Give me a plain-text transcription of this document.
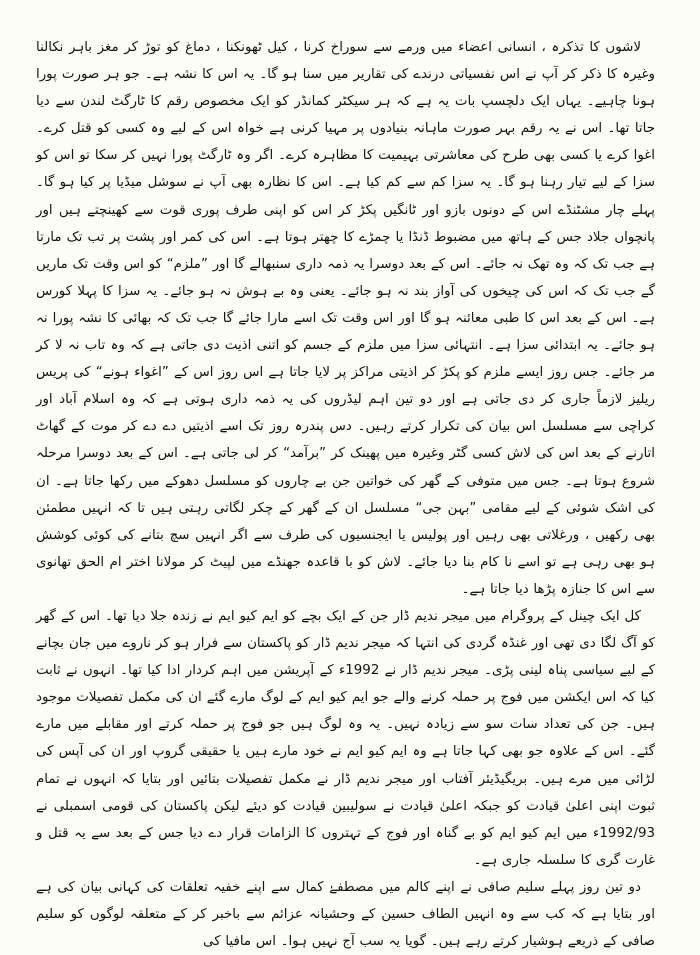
لاشوں کا تذکرہ ، انسانی اعضاء میں ورمے سے سوراخ کرنا ، کیل ٹھونکنا ، دماغ کو توڑ کر مغز باہر نکالنا وغیرہ کا ذکر کر آپ نے اس نفسیاتی درندے کی تقاریر میں سنا ہو گا۔ یہ اس کا نشہ ہے۔ جو ہر صورت پورا ہونا چاہیے۔ یہاں ایک دلچسپ بات یہ ہے کہ ہر سیکٹر کمانڈر کو ایک مخصوص رقم کا ٹارگٹ لندن سے دیا جاتا تھا۔ اس نے یہ رقم بہر صورت ماہانہ بنیادوں پر مہیا کرنی ہے خواہ اس کے لیے وہ کسی کو قتل کرے۔ اغوا کرے یا کسی بھی طرح کی معاشرتی بہیمیت کا مظاہرہ کرے۔ اگر وہ ٹارگٹ پورا نہیں کر سکا تو اس کو سزا کے لیے تیار رہنا ہو گا۔ یہ سزا کم سے کم کیا ہے۔ اس کا نظارہ بھی آپ نے سوشل میڈیا پر کیا ہو گا۔ پہلے چار مشٹنڈے اس کے دونوں بازو اور ٹانگیں پکڑ کر اس کو اپنی طرف پوری قوت سے کھینچتے ہیں اور پانچواں جلاد جس کے ہاتھ میں مضبوط ڈنڈا یا چمڑے کا چھتر ہوتا ہے۔ اس کی کمر اور پشت پر تب تک مارتا ہے جب تک کہ وہ تھک نہ جائے۔ اس کے بعد دوسرا یہ ذمہ داری سنبھالے گا اور ”ملزم“ کو اس وقت تک ماریں گے جب تک کہ اس کی چیخوں کی آواز بند نہ ہو جائے۔ یعنی وہ بے ہوش نہ ہو جائے۔ یہ سزا کا پہلا کورس ہے۔ اس کے بعد اس کا طبی معائنہ ہو گا اور اس وقت تک اسے مارا جائے گا جب تک کہ بھائی کا نشہ پورا نہ ہو جائے۔ یہ ابتدائی سزا ہے۔ انتہائی سزا میں ملزم کے جسم کو اتنی اذیت دی جاتی ہے کہ وہ تاب نہ لا کر مر جائے۔ جس روز ایسے ملزم کو پکڑ کر اذیتی مراکز پر لایا جاتا ہے اس روز اس کے ”اغواء ہونے“ کی پریس ریلیز لازماً جاری کر دی جاتی ہے اور دو تین اہم لیڈروں کی یہ ذمہ داری ہوتی ہے کہ وہ اسلام آباد اور کراچی سے مسلسل اس بیان کی تکرار کرتے رہیں۔ دس پندرہ روز تک اسے اذیتیں دے دے کر موت کے گھاٹ اتارنے کے بعد اس کی لاش کسی گٹر وغیرہ میں پھینک کر ”برآمد“ کر لی جاتی ہے۔ اس کے بعد دوسرا مرحلہ شروع ہوتا ہے۔ جس میں متوفی کے گھر کی خواتین جن بے چاروں کو مسلسل دھوکے میں رکھا جاتا ہے۔ ان کی اشک شوئی کے لیے مقامی ”بہن جی“ مسلسل ان کے گھر کے چکر لگاتی رہتی ہیں تا کہ انہیں مطمئن بھی رکھیں ، ورغلاتی بھی رہیں اور پولیس یا ایجنسیوں کی طرف سے اگر انہیں سچ بتانے کی کوئی کوشش ہو بھی رہی ہے تو اسے نا کام بنا دیا جائے۔ لاش کو با قاعدہ جھنڈے میں لپیٹ کر مولانا اختر ام الحق تھانوی سے اس کا جنازہ پڑھا دیا جاتا ہے۔

کل ایک چینل کے پروگرام میں میجر ندیم ڈار جن کے ایک بچے کو ایم کیو ایم نے زندہ جلا دیا تھا۔ اس کے گھر کو آگ لگا دی تھی اور غنڈہ گردی کی انتہا کہ میجر ندیم ڈار کو پاکستان سے فرار ہو کر ناروے میں جان بچانے کے لیے سیاسی پناہ لینی پڑی۔ میجر ندیم ڈار نے 1992ء کے آپریشن میں اہم کردار ادا کیا تھا۔ انہوں نے ثابت کیا کہ اس ایکشن میں فوج پر حملہ کرنے والے جو ایم کیو ایم کے لوگ مارے گئے ان کی مکمل تفصیلات موجود ہیں۔ جن کی تعداد سات سو سے زیادہ نہیں۔ یہ وہ لوگ ہیں جو فوج پر حملہ کرتے اور مقابلے میں مارے گئے۔ اس کے علاوہ جو بھی کہا جاتا ہے وہ ایم کیو ایم نے خود مارے ہیں یا حقیقی گروپ اور ان کی آپس کی لڑائی میں مرے ہیں۔ بریگیڈیئر آفتاب اور میجر ندیم ڈار نے مکمل تفصیلات بتائیں اور بتایا کہ انہوں نے تمام ثبوت اپنی اعلیٰ قیادت کو جبکہ اعلیٰ قیادت نے سولیبین قیادت کو دیئے لیکن پاکستان کی قومی اسمبلی نے 1992/93ء میں ایم کیو ایم کو بے گناہ اور فوج کے تہتروں کا الزامات قرار دے دیا جس کے بعد سے یہ قتل و غارت گری کا سلسلہ جاری ہے۔

دو تین روز پہلے سلیم صافی نے اپنے کالم میں مصطفےٰ کمال سے اپنے خفیہ تعلقات کی کہانی بیان کی ہے اور بتایا ہے کہ کب سے وہ انہیں الطاف حسین کے وحشیانہ عزائم سے باخبر کر کے متعلقہ لوگوں کو سلیم صافی کے ذریعے ہوشیار کرتے رہے ہیں۔ گویا یہ سب آج نہیں ہوا۔ اس مافیا کی
